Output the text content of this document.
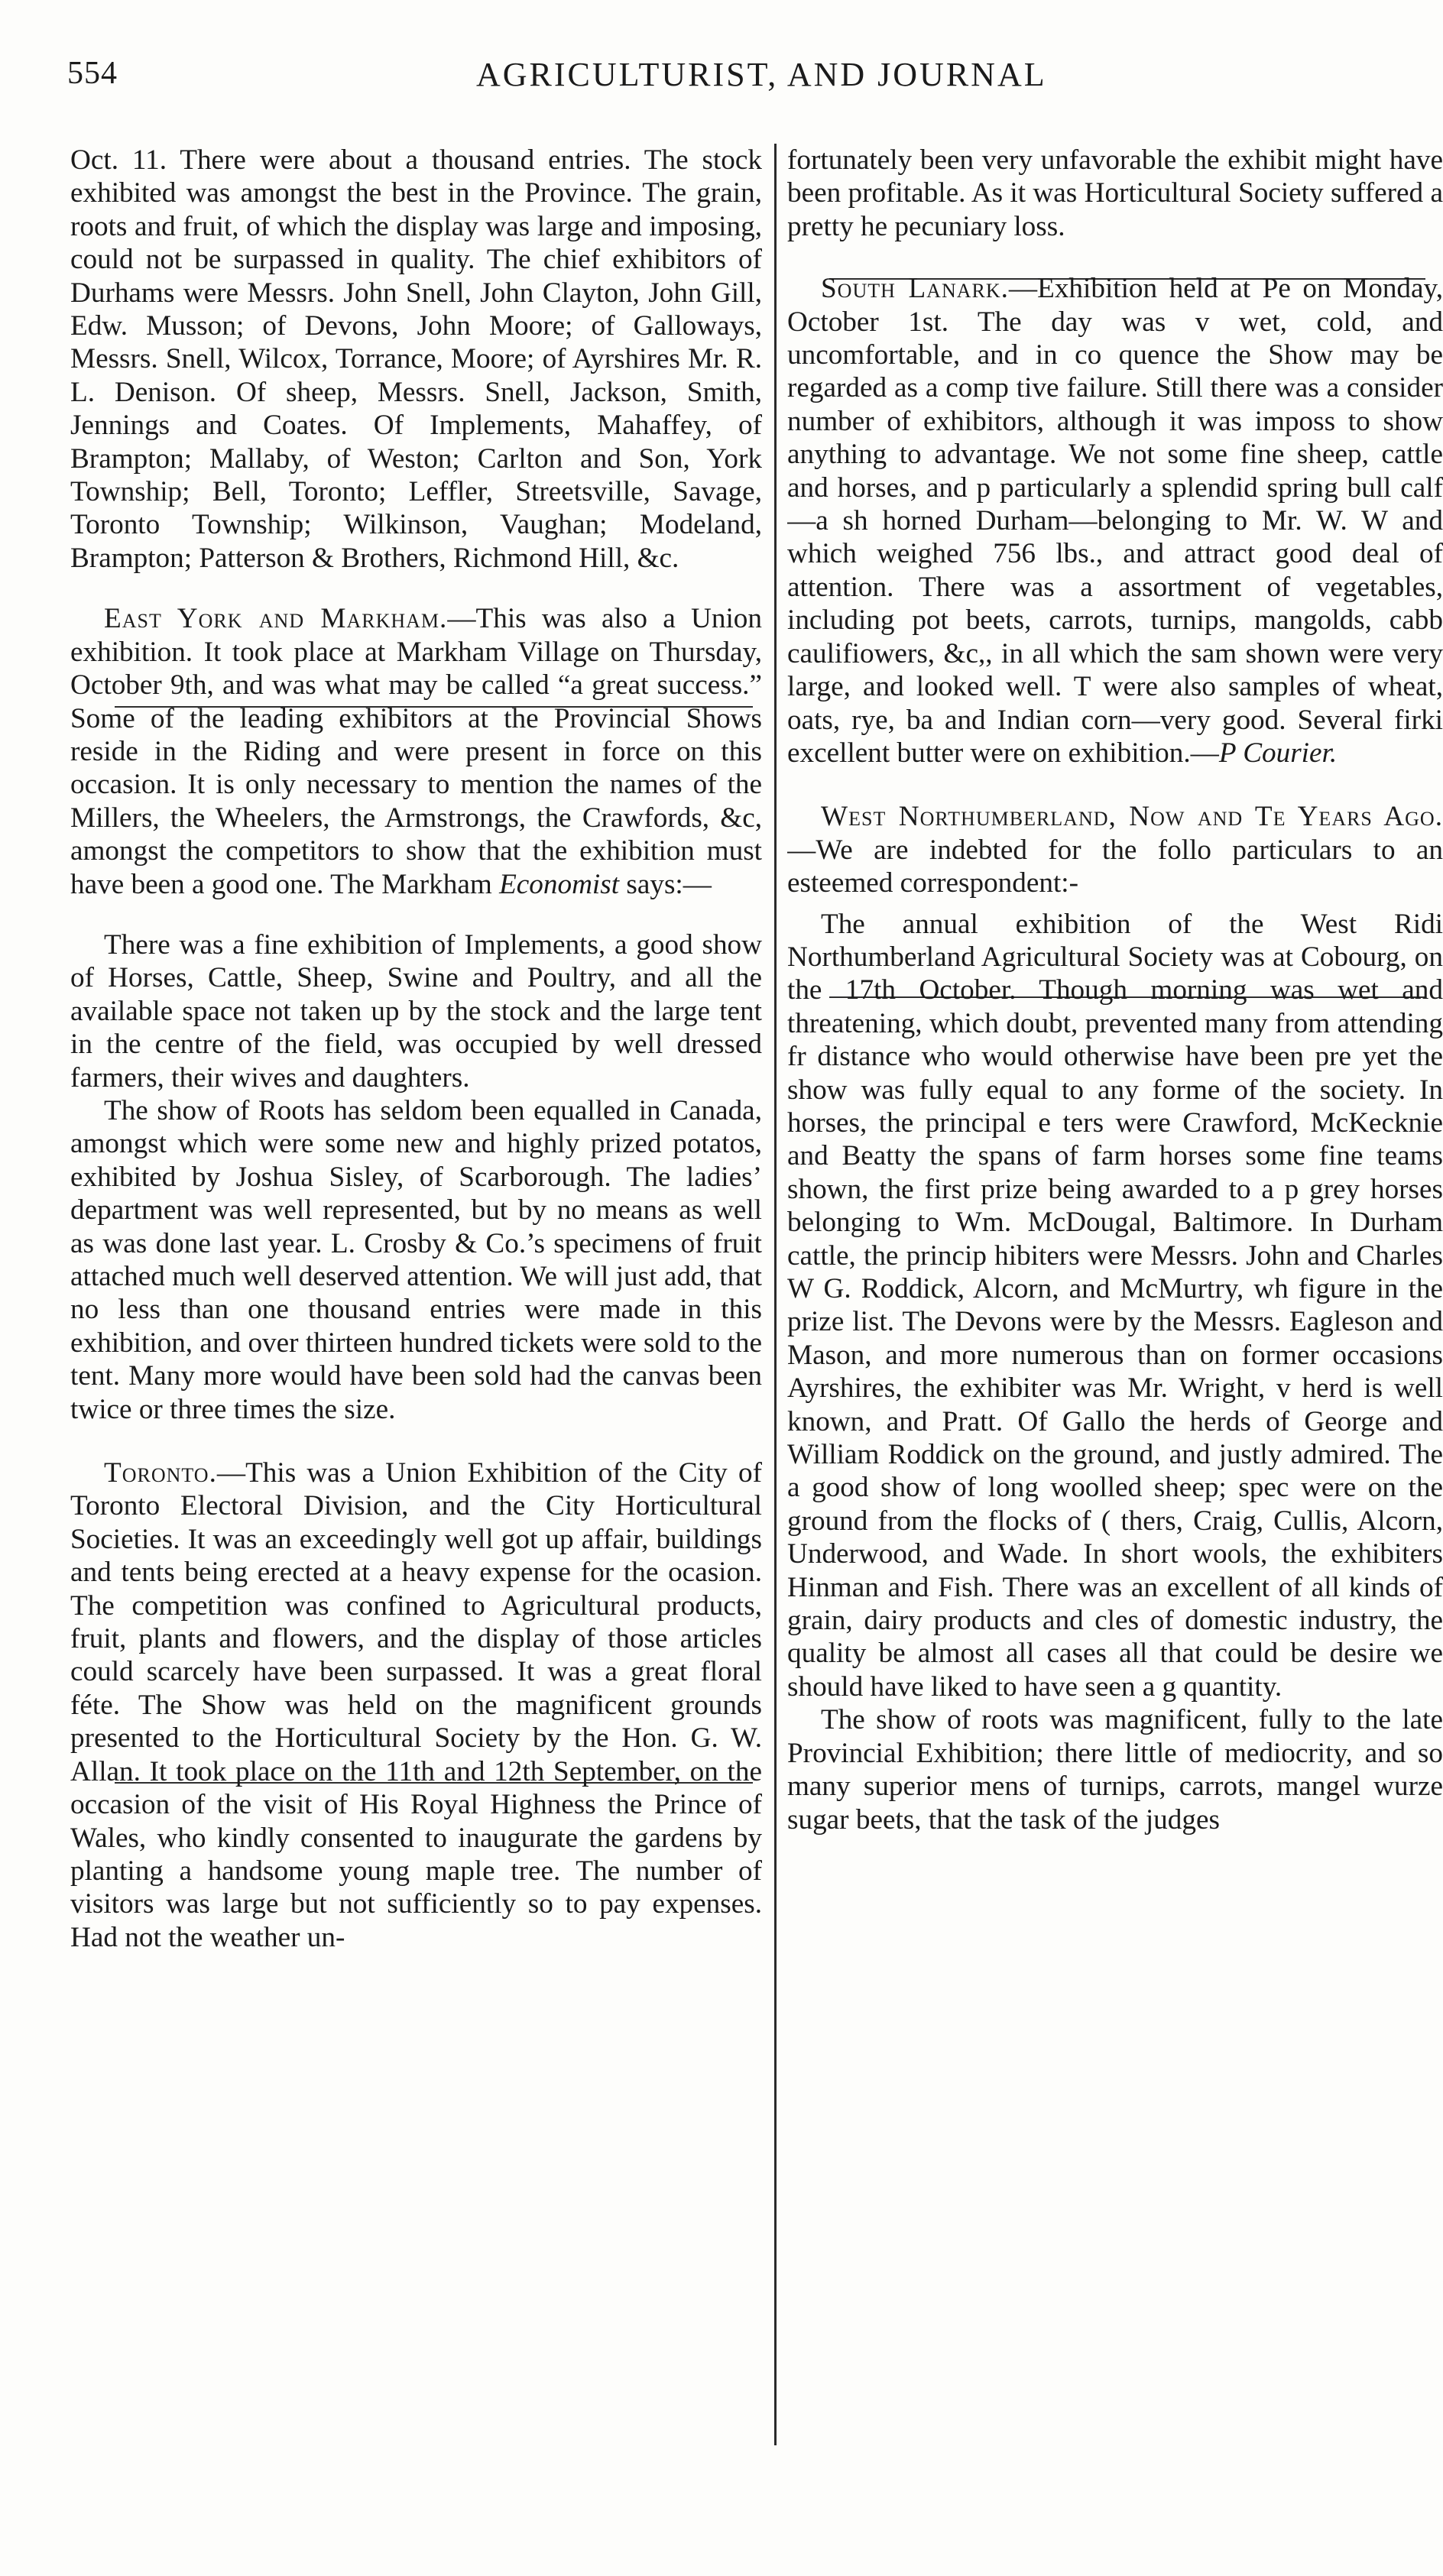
554	AGRICULTURIST, AND JOURNAL

Oct. 11. There were about a thousand entries. The stock exhibited was amongst the best in the Province. The grain, roots and fruit, of which the display was large and imposing, could not be surpassed in quality. The chief exhibitors of Durhams were Messrs. John Snell, John Clayton, John Gill, Edw. Musson; of Devons, John Moore; of Galloways, Messrs. Snell, Wilcox, Torrance, Moore; of Ayrshires Mr. R. L. Denison. Of sheep, Messrs. Snell, Jackson, Smith, Jennings and Coates. Of Implements, Mahaffey, of Brampton; Mallaby, of Weston; Carlton and Son, York Township; Bell, Toronto; Leffler, Streetsville, Savage, Toronto Township; Wilkinson, Vaughan; Modeland, Brampton; Patterson & Brothers, Richmond Hill, &c.

East York and Markham.—This was also a Union exhibition. It took place at Markham Village on Thursday, October 9th, and was what may be called “a great success.” Some of the leading exhibitors at the Provincial Shows reside in the Riding and were present in force on this occasion. It is only necessary to mention the names of the Millers, the Wheelers, the Armstrongs, the Crawfords, &c, amongst the competitors to show that the exhibition must have been a good one. The Markham Economist says:—

There was a fine exhibition of Implements, a good show of Horses, Cattle, Sheep, Swine and Poultry, and all the available space not taken up by the stock and the large tent in the centre of the field, was occupied by well dressed farmers, their wives and daughters.

The show of Roots has seldom been equalled in Canada, amongst which were some new and highly prized potatos, exhibited by Joshua Sisley, of Scarborough. The ladies’ department was well represented, but by no means as well as was done last year. L. Crosby & Co.’s specimens of fruit attached much well deserved attention. We will just add, that no less than one thousand entries were made in this exhibition, and over thirteen hundred tickets were sold to the tent. Many more would have been sold had the canvas been twice or three times the size.

Toronto.—This was a Union Exhibition of the City of Toronto Electoral Division, and the City Horticultural Societies. It was an exceedingly well got up affair, buildings and tents being erected at a heavy expense for the ocasion. The competition was confined to Agricultural products, fruit, plants and flowers, and the display of those articles could scarcely have been surpassed. It was a great floral féte. The Show was held on the magnificent grounds presented to the Horticultural Society by the Hon. G. W. Allan. It took place on the 11th and 12th September, on the occasion of the visit of His Royal Highness the Prince of Wales, who kindly consented to inaugurate the gardens by planting a handsome young maple tree. The number of visitors was large but not sufficiently so to pay expenses. Had not the weather un-

fortunately been very unfavorable the exhibit might have been profitable. As it was Horticultural Society suffered a pretty he pecuniary loss.

South Lanark.—Exhibition held at Pe on Monday, October 1st. The day was v wet, cold, and uncomfortable, and in co quence the Show may be regarded as a comp tive failure. Still there was a consider number of exhibitors, although it was imposs to show anything to advantage. We not some fine sheep, cattle and horses, and p particularly a splendid spring bull calf—a sh horned Durham—belonging to Mr. W. W and which weighed 756 lbs., and attract good deal of attention. There was a assortment of vegetables, including pot beets, carrots, turnips, mangolds, cabb caulifiowers, &c,, in all which the sam shown were very large, and looked well. T were also samples of wheat, oats, rye, ba and Indian corn—very good. Several firki excellent butter were on exhibition.—P Courier.

West Northumberland, Now and Te Years Ago.—We are indebted for the follo particulars to an esteemed correspondent:-

The annual exhibition of the West Ridi Northumberland Agricultural Society was at Cobourg, on the 17th October. Though morning was wet and threatening, which doubt, prevented many from attending fr distance who would otherwise have been pre yet the show was fully equal to any forme of the society. In horses, the principal e ters were Crawford, McKecknie and Beatty the spans of farm horses some fine teams shown, the first prize being awarded to a p grey horses belonging to Wm. McDougal, Baltimore. In Durham cattle, the princip hibiters were Messrs. John and Charles W G. Roddick, Alcorn, and McMurtry, wh figure in the prize list. The Devons were by the Messrs. Eagleson and Mason, and more numerous than on former occasions Ayrshires, the exhibiter was Mr. Wright, v herd is well known, and Pratt. Of Gallo the herds of George and William Roddick on the ground, and justly admired. The a good show of long woolled sheep; spec were on the ground from the flocks of ( thers, Craig, Cullis, Alcorn, Underwood, and Wade. In short wools, the exhibiters Hinman and Fish. There was an excellent of all kinds of grain, dairy products and cles of domestic industry, the quality be almost all cases all that could be desire we should have liked to have seen a g quantity.

The show of roots was magnificent, fully to the late Provincial Exhibition; there little of mediocrity, and so many superior mens of turnips, carrots, mangel wurze sugar beets, that the task of the judges
